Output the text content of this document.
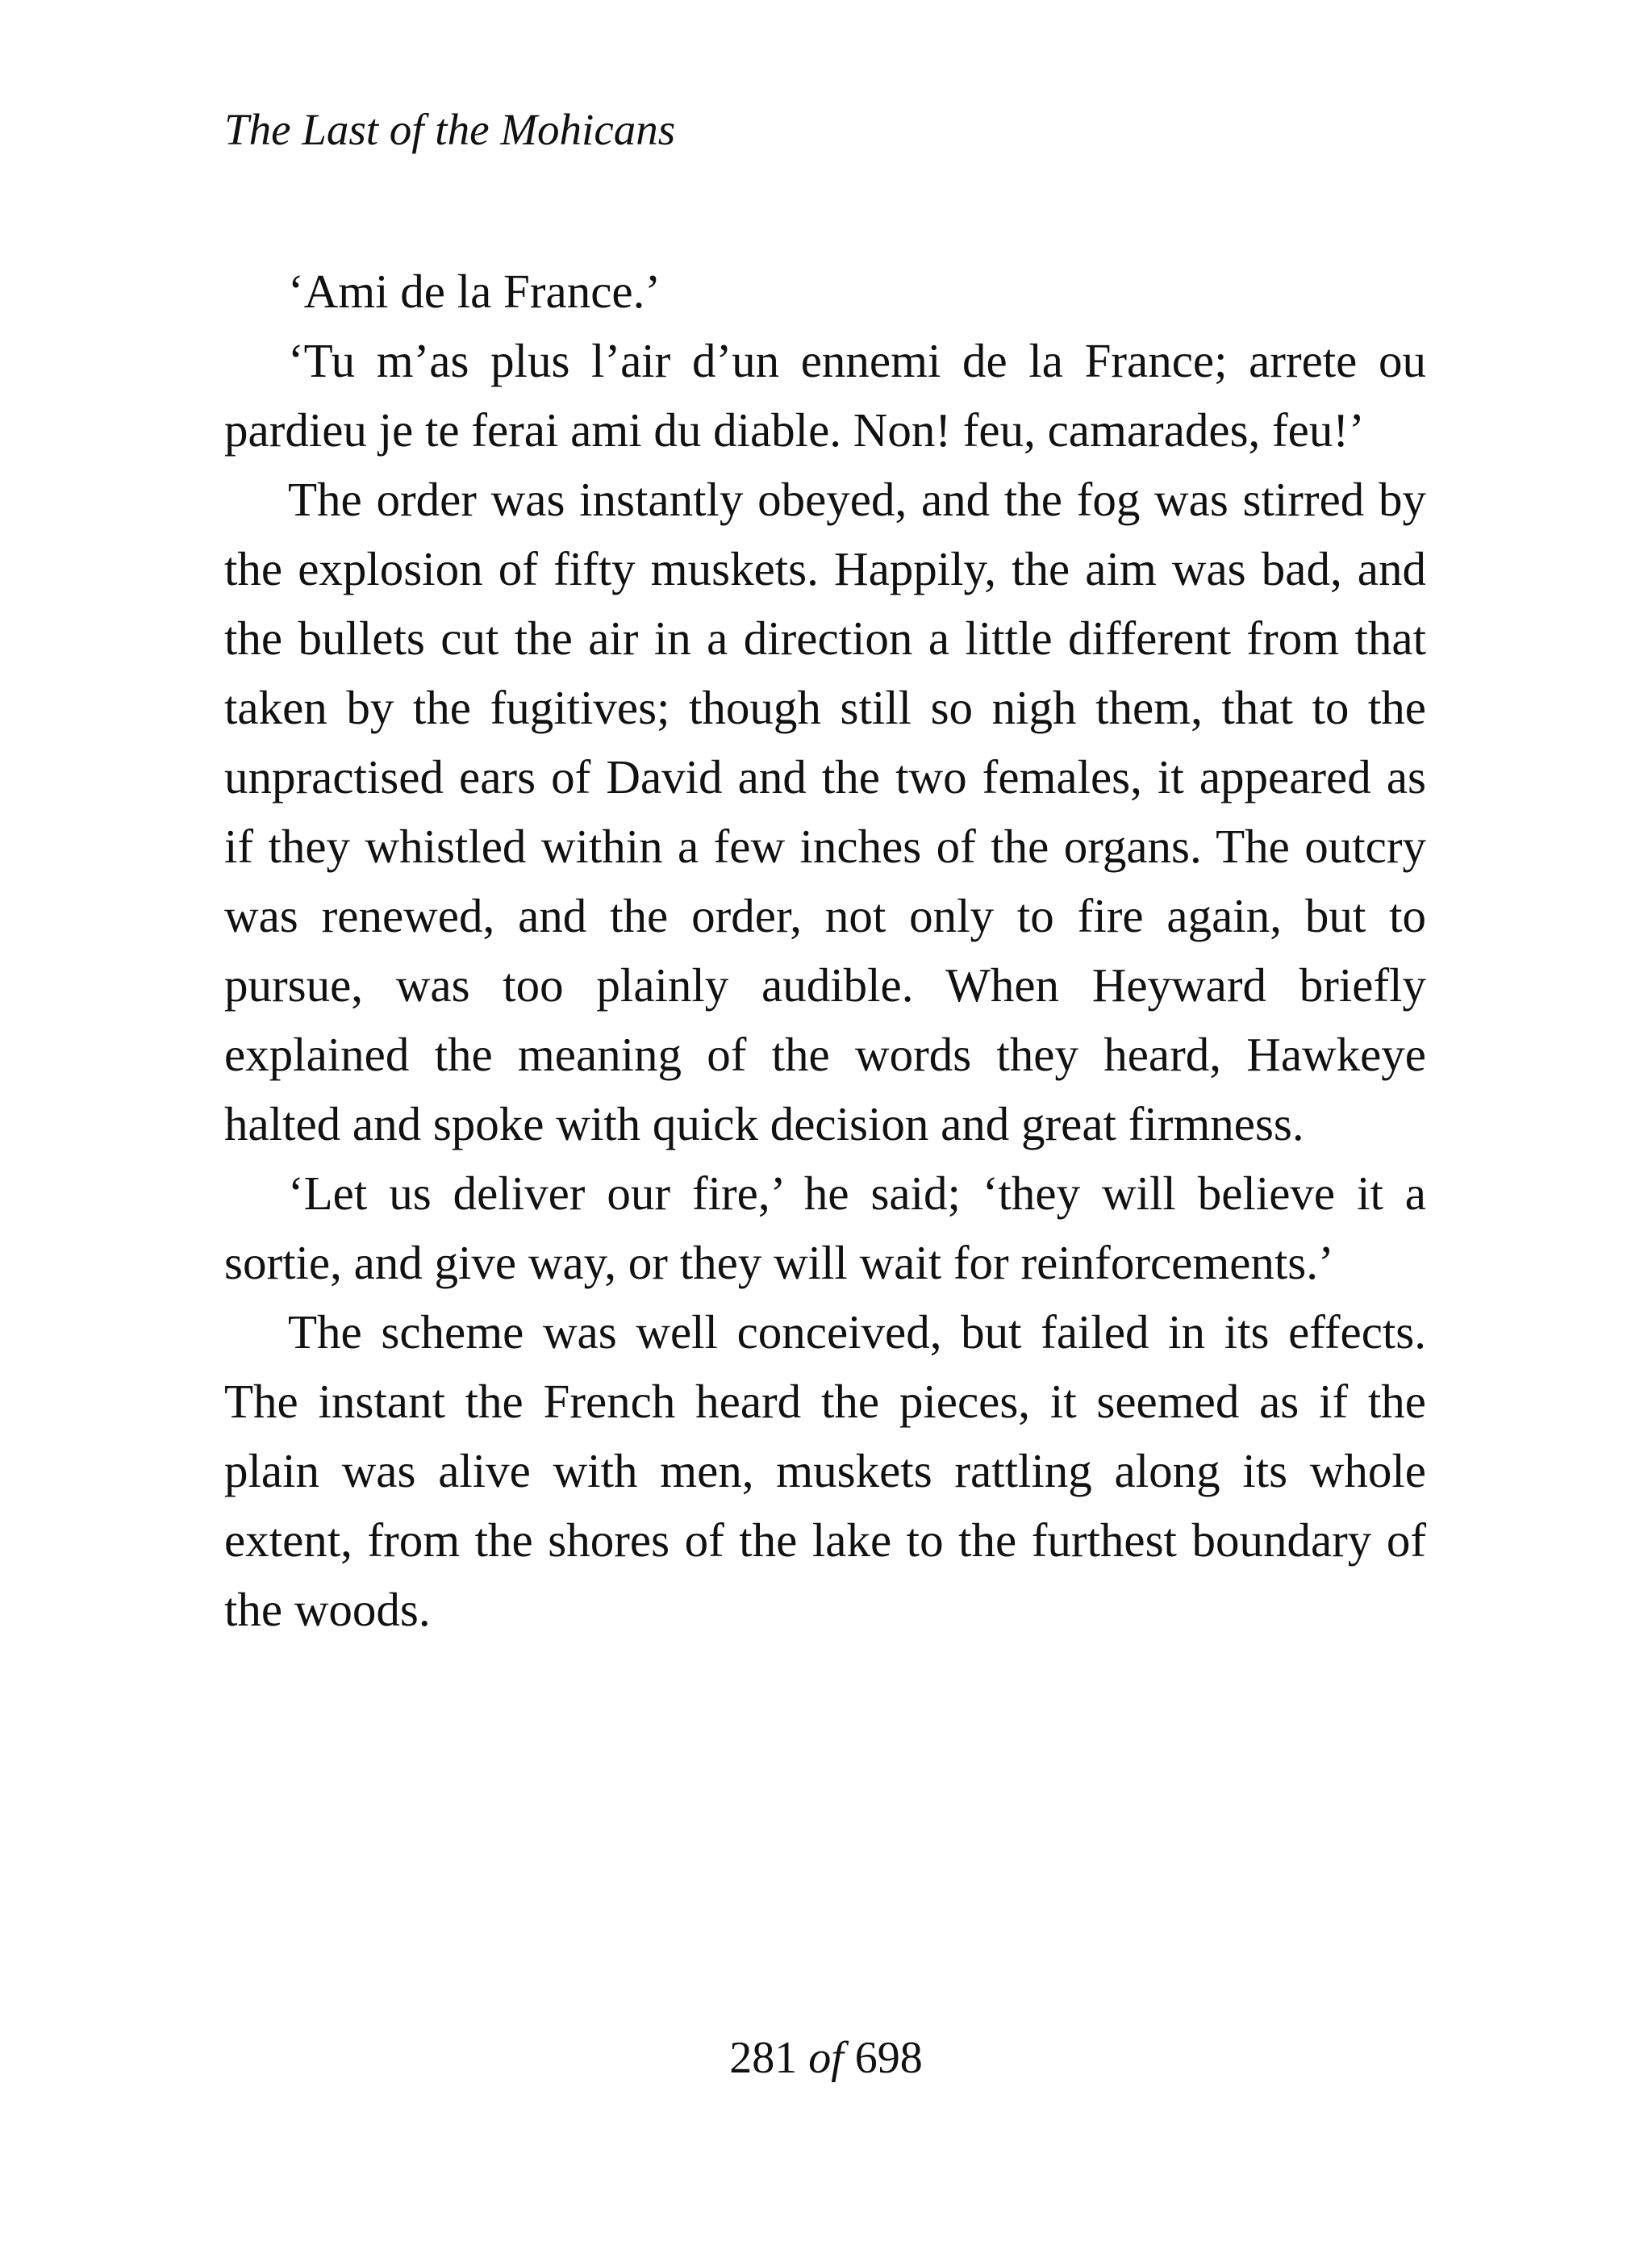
The Last of the Mohicans

‘Ami de la France.’

‘Tu m’as plus l’air d’un ennemi de la France; arrete ou pardieu je te ferai ami du diable. Non! feu, camarades, feu!’

The order was instantly obeyed, and the fog was stirred by the explosion of fifty muskets. Happily, the aim was bad, and the bullets cut the air in a direction a little different from that taken by the fugitives; though still so nigh them, that to the unpractised ears of David and the two females, it appeared as if they whistled within a few inches of the organs. The outcry was renewed, and the order, not only to fire again, but to pursue, was too plainly audible. When Heyward briefly explained the meaning of the words they heard, Hawkeye halted and spoke with quick decision and great firmness.

‘Let us deliver our fire,’ he said; ‘they will believe it a sortie, and give way, or they will wait for reinforcements.’

The scheme was well conceived, but failed in its effects. The instant the French heard the pieces, it seemed as if the plain was alive with men, muskets rattling along its whole extent, from the shores of the lake to the furthest boundary of the woods.

281 of 698
